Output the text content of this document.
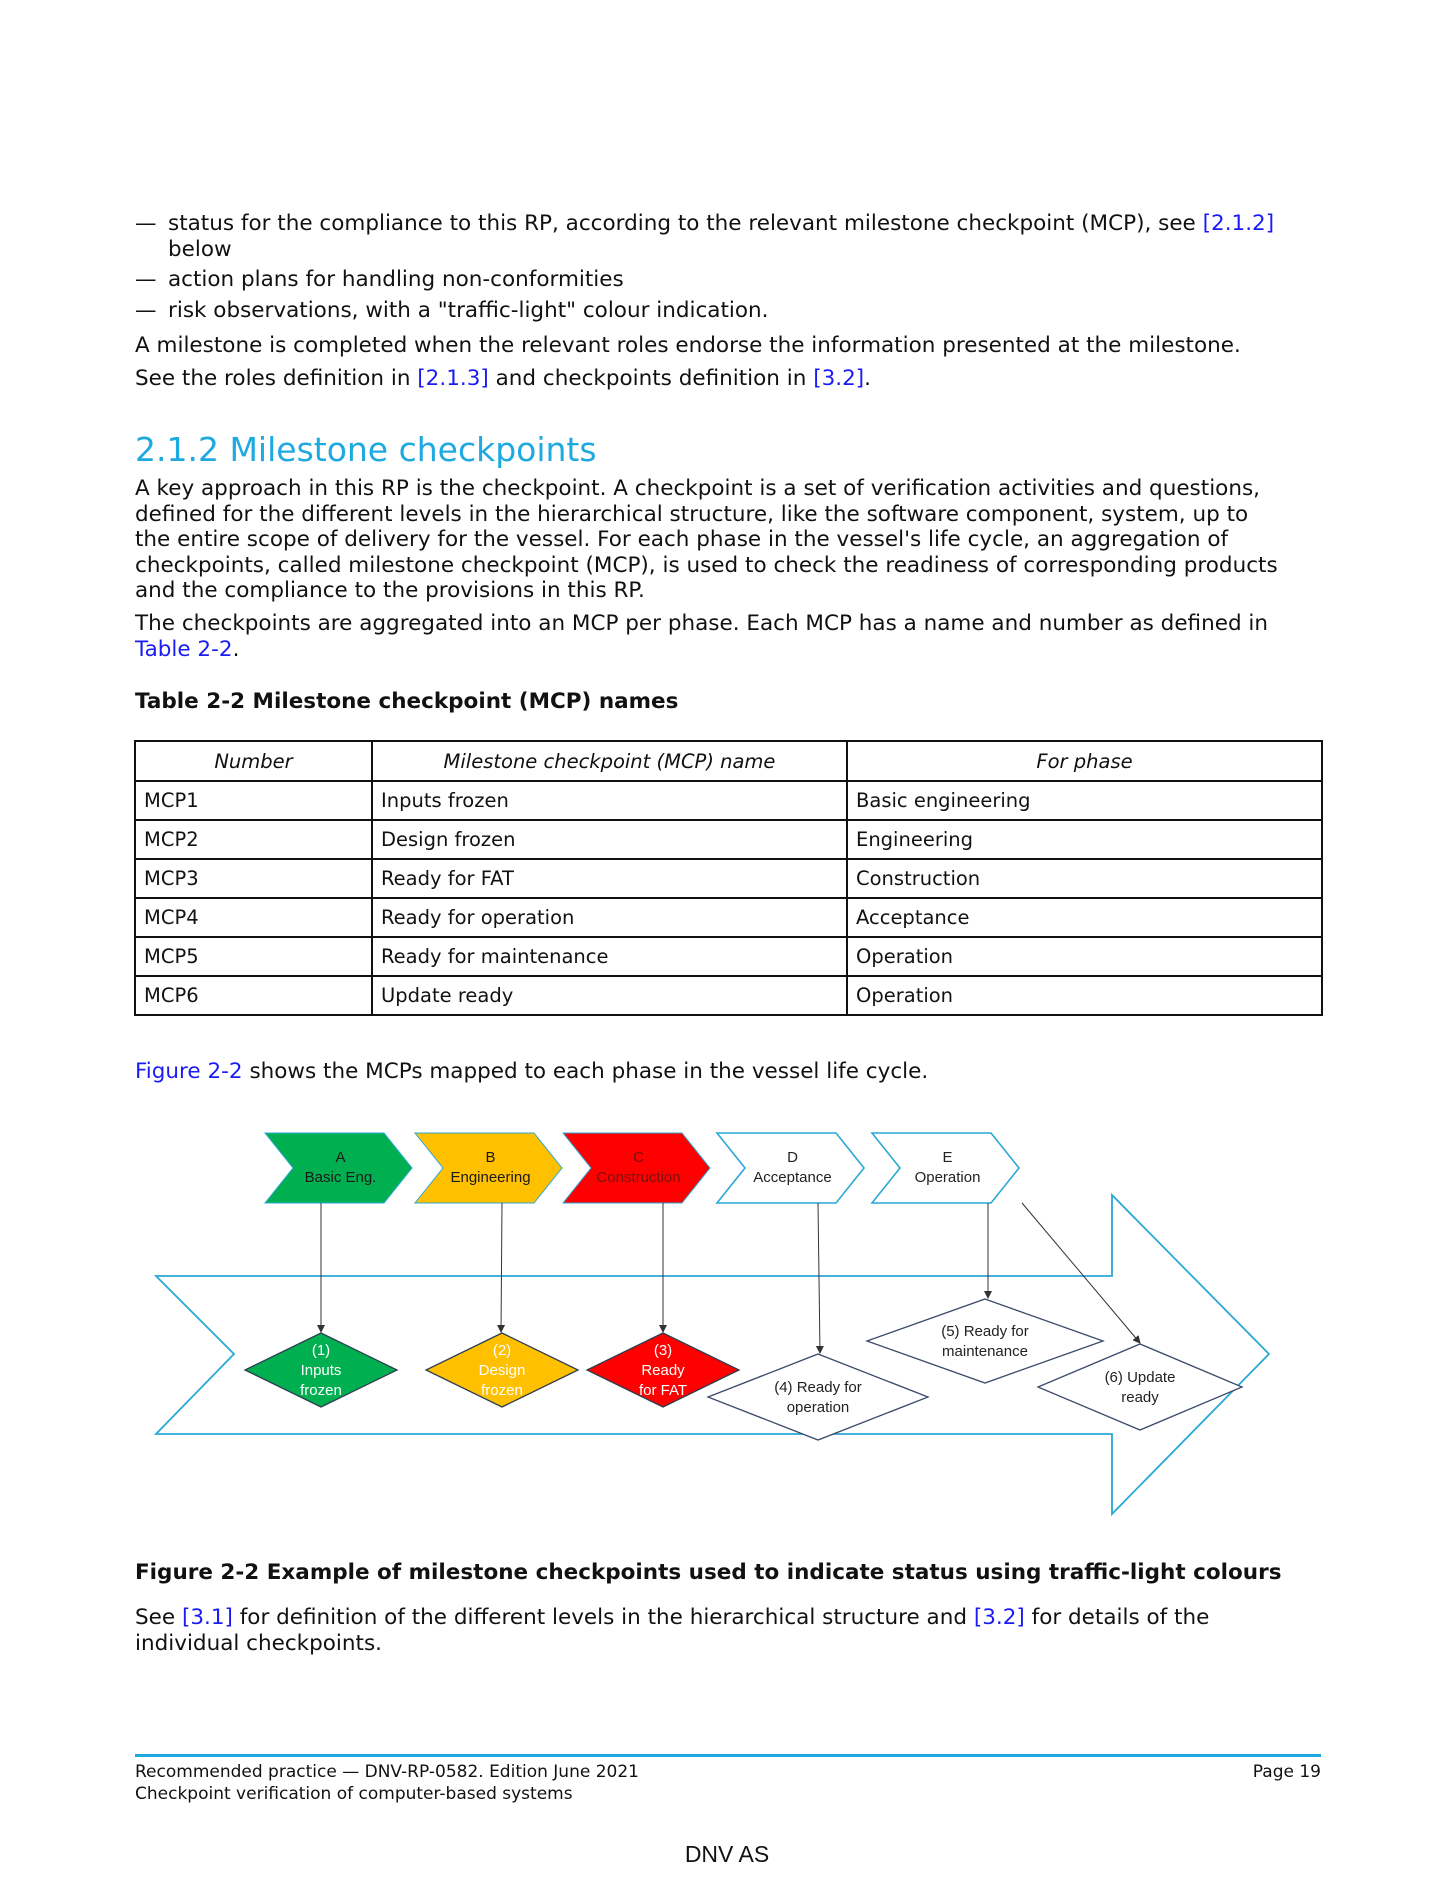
— status for the compliance to this RP, according to the relevant milestone checkpoint (MCP), see [2.1.2]
below
— action plans for handling non-conformities
— risk observations, with a "traffic-light" colour indication.
A milestone is completed when the relevant roles endorse the information presented at the milestone.
See the roles definition in [2.1.3] and checkpoints definition in [3.2].
2.1.2 Milestone checkpoints
A key approach in this RP is the checkpoint. A checkpoint is a set of verification activities and questions,
defined for the different levels in the hierarchical structure, like the software component, system, up to
the entire scope of delivery for the vessel. For each phase in the vessel's life cycle, an aggregation of
checkpoints, called milestone checkpoint (MCP), is used to check the readiness of corresponding products
and the compliance to the provisions in this RP.
The checkpoints are aggregated into an MCP per phase. Each MCP has a name and number as defined in
Table 2-2.
Table 2-2 Milestone checkpoint (MCP) names
Number	Milestone checkpoint (MCP) name	For phase
MCP1	Inputs frozen	Basic engineering
MCP2	Design frozen	Engineering
MCP3	Ready for FAT	Construction
MCP4	Ready for operation	Acceptance
MCP5	Ready for maintenance	Operation
MCP6	Update ready	Operation
Figure 2-2 shows the MCPs mapped to each phase in the vessel life cycle.
A
Basic Eng.
B
Engineering
C
Construction
D
Acceptance
E
Operation
(1)
Inputs
frozen
(2)
Design
frozen
(3)
Ready
for FAT	(4) Ready for
operation
(5) Ready for
maintenance
(6) Update
ready
Figure 2-2 Example of milestone checkpoints used to indicate status using traffic-light colours
See [3.1] for definition of the different levels in the hierarchical structure and [3.2] for details of the
individual checkpoints.
Recommended practice — DNV-RP-0582. Edition June 2021	Page 19
Checkpoint verification of computer-based systems
DNV AS
